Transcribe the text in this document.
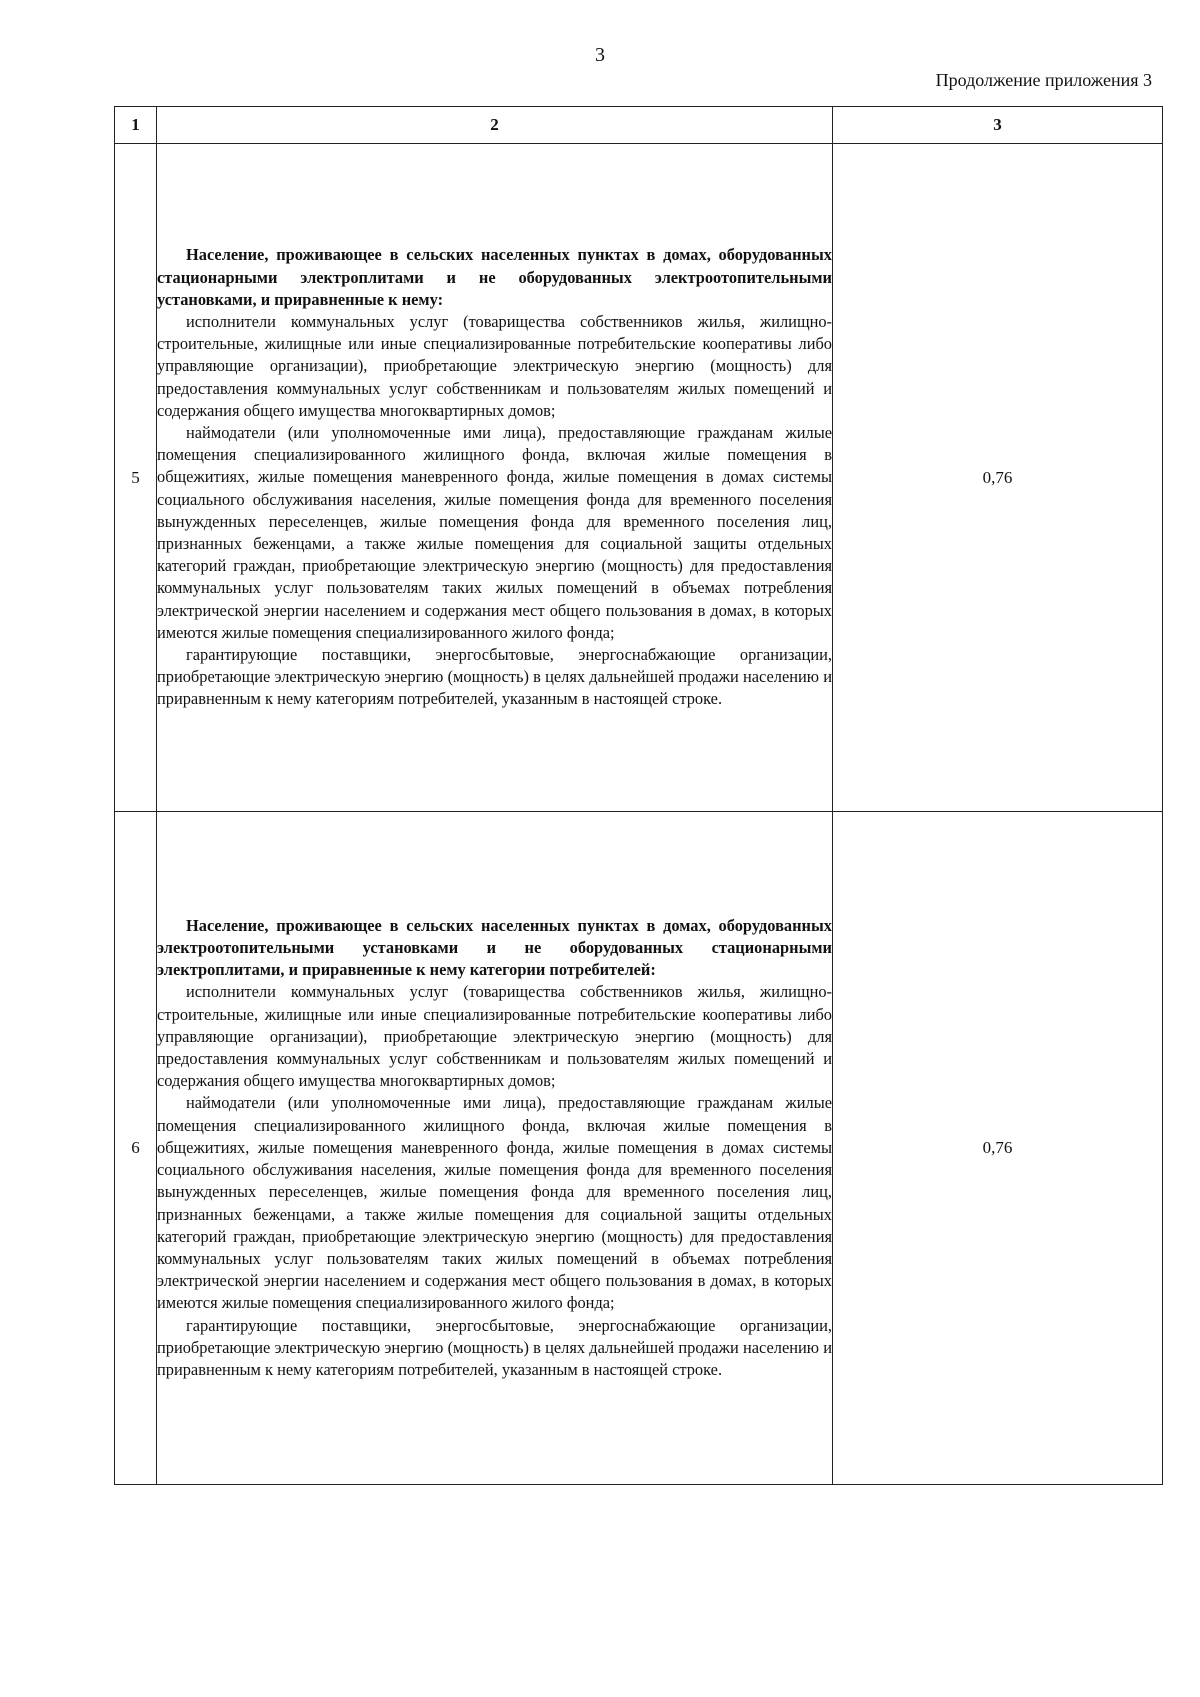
3
Продолжение приложения 3
1	2	3
5	Население, проживающее в сельских населенных пунктах в домах, оборудованных стационарными электроплитами и не оборудованных электроотопительными установками, и приравненные к нему:

исполнители коммунальных услуг (товарищества собственников жилья, жилищно-строительные, жилищные или иные специализированные потребительские кооперативы либо управляющие организации), приобретающие электрическую энергию (мощность) для предоставления коммунальных услуг собственникам и пользователям жилых помещений и содержания общего имущества многоквартирных домов;

наймодатели (или уполномоченные ими лица), предоставляющие гражданам жилые помещения специализированного жилищного фонда, включая жилые помещения в общежитиях, жилые помещения маневренного фонда, жилые помещения в домах системы социального обслуживания населения, жилые помещения фонда для временного поселения вынужденных переселенцев, жилые помещения фонда для временного поселения лиц, признанных беженцами, а также жилые помещения для социальной защиты отдельных категорий граждан, приобретающие электрическую энергию (мощность) для предоставления коммунальных услуг пользователям таких жилых помещений в объемах потребления электрической энергии населением и содержания мест общего пользования в домах, в которых имеются жилые помещения специализированного жилого фонда;

гарантирующие поставщики, энергосбытовые, энергоснабжающие организации, приобретающие электрическую энергию (мощность) в целях дальнейшей продажи населению и приравненным к нему категориям потребителей, указанным в настоящей строке.	0,76
6	Население, проживающее в сельских населенных пунктах в домах, оборудованных электроотопительными установками и не оборудованных стационарными электроплитами, и приравненные к нему категории потребителей:

исполнители коммунальных услуг (товарищества собственников жилья, жилищно-строительные, жилищные или иные специализированные потребительские кооперативы либо управляющие организации), приобретающие электрическую энергию (мощность) для предоставления коммунальных услуг собственникам и пользователям жилых помещений и содержания общего имущества многоквартирных домов;

наймодатели (или уполномоченные ими лица), предоставляющие гражданам жилые помещения специализированного жилищного фонда, включая жилые помещения в общежитиях, жилые помещения маневренного фонда, жилые помещения в домах системы социального обслуживания населения, жилые помещения фонда для временного поселения вынужденных переселенцев, жилые помещения фонда для временного поселения лиц, признанных беженцами, а также жилые помещения для социальной защиты отдельных категорий граждан, приобретающие электрическую энергию (мощность) для предоставления коммунальных услуг пользователям таких жилых помещений в объемах потребления электрической энергии населением и содержания мест общего пользования в домах, в которых имеются жилые помещения специализированного жилого фонда;

гарантирующие поставщики, энергосбытовые, энергоснабжающие организации, приобретающие электрическую энергию (мощность) в целях дальнейшей продажи населению и приравненным к нему категориям потребителей, указанным в настоящей строке.	0,76
